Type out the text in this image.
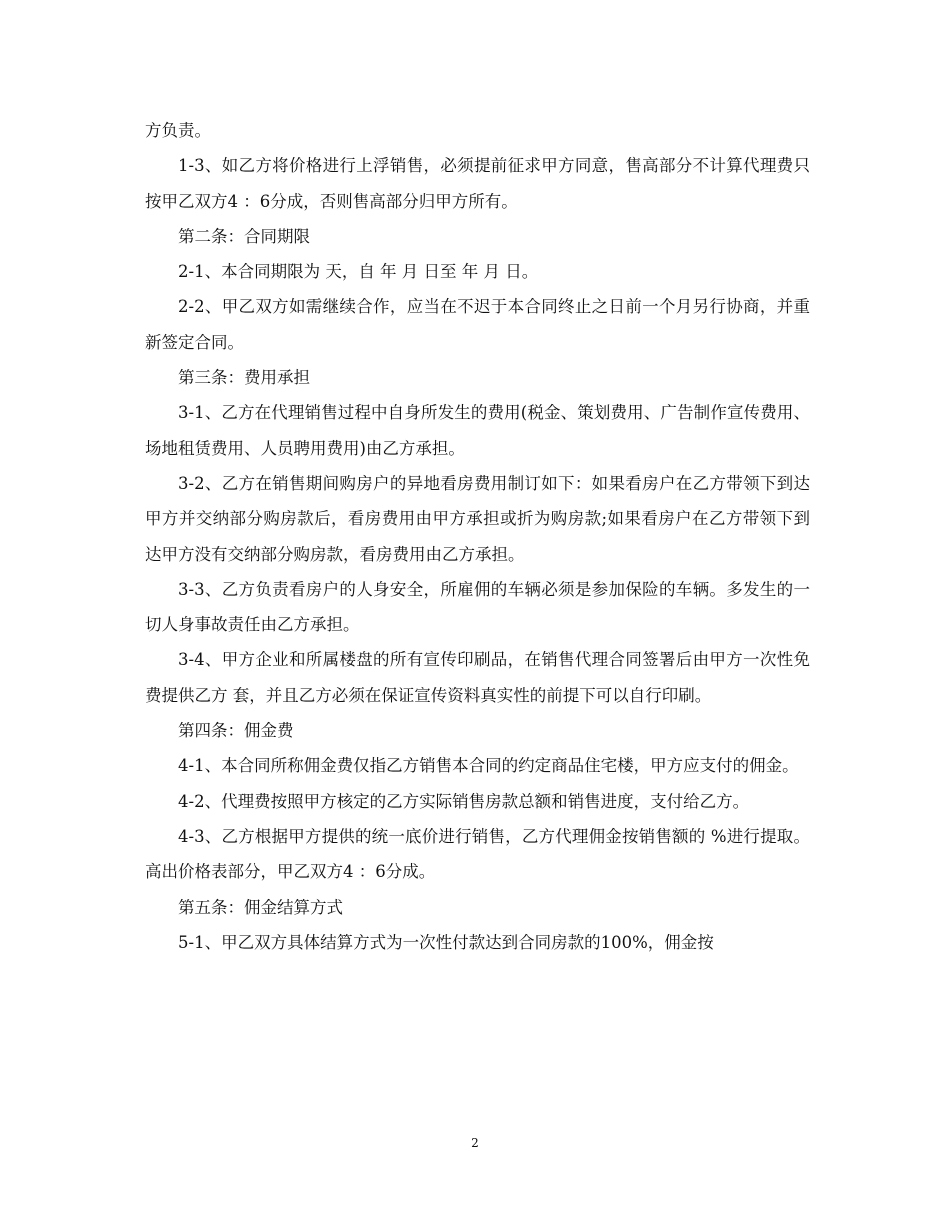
方负责。

1-3、如乙方将价格进行上浮销售，必须提前征求甲方同意，售高部分不计算代理费只按甲乙双方4 ：6分成，否则售高部分归甲方所有。

第二条：合同期限

2-1、本合同期限为 天，自 年 月 日至 年 月 日。

2-2、甲乙双方如需继续合作，应当在不迟于本合同终止之日前一个月另行协商，并重新签定合同。

第三条：费用承担

3-1、乙方在代理销售过程中自身所发生的费用(税金、策划费用、广告制作宣传费用、场地租赁费用、人员聘用费用)由乙方承担。

3-2、乙方在销售期间购房户的异地看房费用制订如下：如果看房户在乙方带领下到达甲方并交纳部分购房款后，看房费用由甲方承担或折为购房款;如果看房户在乙方带领下到达甲方没有交纳部分购房款，看房费用由乙方承担。

3-3、乙方负责看房户的人身安全，所雇佣的车辆必须是参加保险的车辆。多发生的一切人身事故责任由乙方承担。

3-4、甲方企业和所属楼盘的所有宣传印刷品，在销售代理合同签署后由甲方一次性免费提供乙方 套，并且乙方必须在保证宣传资料真实性的前提下可以自行印刷。

第四条：佣金费

4-1、本合同所称佣金费仅指乙方销售本合同的约定商品住宅楼，甲方应支付的佣金。

4-2、代理费按照甲方核定的乙方实际销售房款总额和销售进度，支付给乙方。

4-3、乙方根据甲方提供的统一底价进行销售，乙方代理佣金按销售额的 %进行提取。高出价格表部分，甲乙双方4 ：6分成。

第五条：佣金结算方式

5-1、甲乙双方具体结算方式为一次性付款达到合同房款的100%，佣金按

2
